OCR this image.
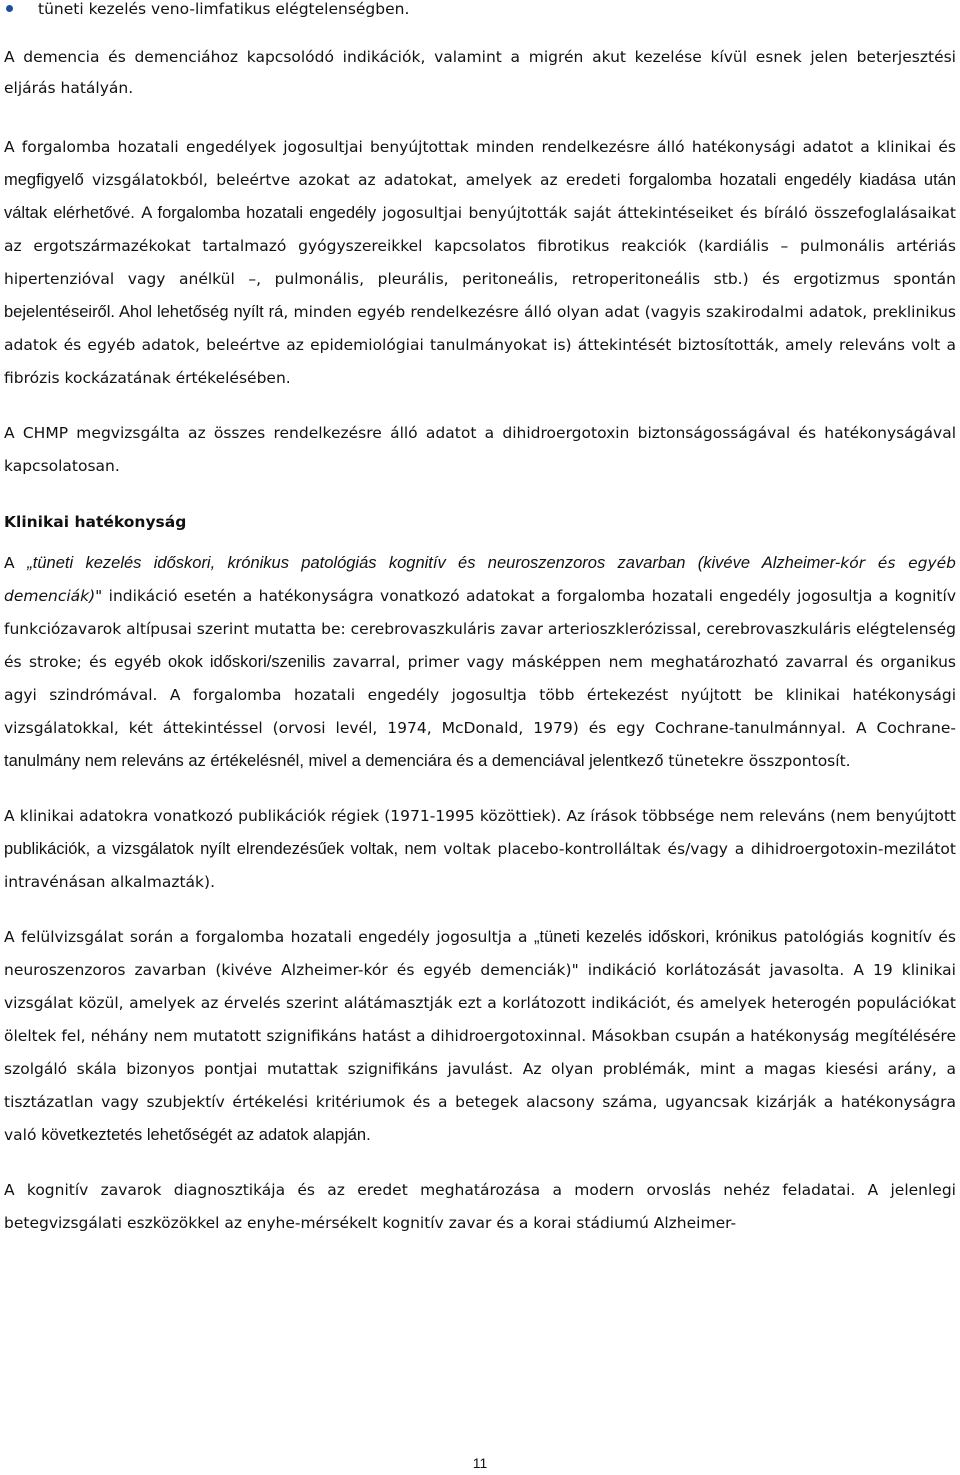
tüneti kezelés veno-limfatikus elégtelenségben.

A demencia és demenciához kapcsolódó indikációk, valamint a migrén akut kezelése kívül esnek jelen beterjesztési eljárás hatályán.

A forgalomba hozatali engedélyek jogosultjai benyújtottak minden rendelkezésre álló hatékonysági adatot a klinikai és megfigyelő vizsgálatokból, beleértve azokat az adatokat, amelyek az eredeti forgalomba hozatali engedély kiadása után váltak elérhetővé. A forgalomba hozatali engedély jogosultjai benyújtották saját áttekintéseiket és bíráló összefoglalásaikat az ergotszármazékokat tartalmazó gyógyszereikkel kapcsolatos fibrotikus reakciók (kardiális – pulmonális artériás hipertenzióval vagy anélkül –, pulmonális, pleurális, peritoneális, retroperitoneális stb.) és ergotizmus spontán bejelentéseiről. Ahol lehetőség nyílt rá, minden egyéb rendelkezésre álló olyan adat (vagyis szakirodalmi adatok, preklinikus adatok és egyéb adatok, beleértve az epidemiológiai tanulmányokat is) áttekintését biztosították, amely releváns volt a fibrózis kockázatának értékelésében.

A CHMP megvizsgálta az összes rendelkezésre álló adatot a dihidroergotoxin biztonságosságával és hatékonyságával kapcsolatosan.

Klinikai hatékonyság

A „tüneti kezelés időskori, krónikus patológiás kognitív és neuroszenzoros zavarban (kivéve Alzheimer-kór és egyéb demenciák)" indikáció esetén a hatékonyságra vonatkozó adatokat a forgalomba hozatali engedély jogosultja a kognitív funkciózavarok altípusai szerint mutatta be: cerebrovaszkuláris zavar arterioszklerózissal, cerebrovaszkuláris elégtelenség és stroke; és egyéb okok időskori/szenilis zavarral, primer vagy másképpen nem meghatározható zavarral és organikus agyi szindrómával. A forgalomba hozatali engedély jogosultja több értekezést nyújtott be klinikai hatékonysági vizsgálatokkal, két áttekintéssel (orvosi levél, 1974, McDonald, 1979) és egy Cochrane-tanulmánnyal. A Cochrane-tanulmány nem releváns az értékelésnél, mivel a demenciára és a demenciával jelentkező tünetekre összpontosít.

A klinikai adatokra vonatkozó publikációk régiek (1971-1995 közöttiek). Az írások többsége nem releváns (nem benyújtott publikációk, a vizsgálatok nyílt elrendezésűek voltak, nem voltak placebo-kontrolláltak és/vagy a dihidroergotoxin-mezilátot intravénásan alkalmazták).

A felülvizsgálat során a forgalomba hozatali engedély jogosultja a „tüneti kezelés időskori, krónikus patológiás kognitív és neuroszenzoros zavarban (kivéve Alzheimer-kór és egyéb demenciák)" indikáció korlátozását javasolta. A 19 klinikai vizsgálat közül, amelyek az érvelés szerint alátámasztják ezt a korlátozott indikációt, és amelyek heterogén populációkat öleltek fel, néhány nem mutatott szignifikáns hatást a dihidroergotoxinnal. Másokban csupán a hatékonyság megítélésére szolgáló skála bizonyos pontjai mutattak szignifikáns javulást. Az olyan problémák, mint a magas kiesési arány, a tisztázatlan vagy szubjektív értékelési kritériumok és a betegek alacsony száma, ugyancsak kizárják a hatékonyságra való következtetés lehetőségét az adatok alapján.

A kognitív zavarok diagnosztikája és az eredet meghatározása a modern orvoslás nehéz feladatai. A jelenlegi betegvizsgálati eszközökkel az enyhe-mérsékelt kognitív zavar és a korai stádiumú Alzheimer-

11
